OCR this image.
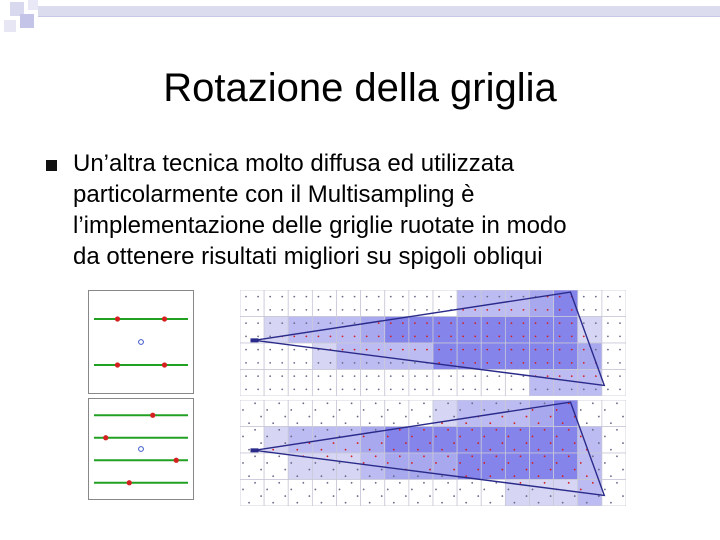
Rotazione della griglia
Un’altra tecnica molto diffusa ed utilizzata
particolarmente con il Multisampling è
l’implementazione delle griglie ruotate in modo
da ottenere risultati migliori su spigoli obliqui
